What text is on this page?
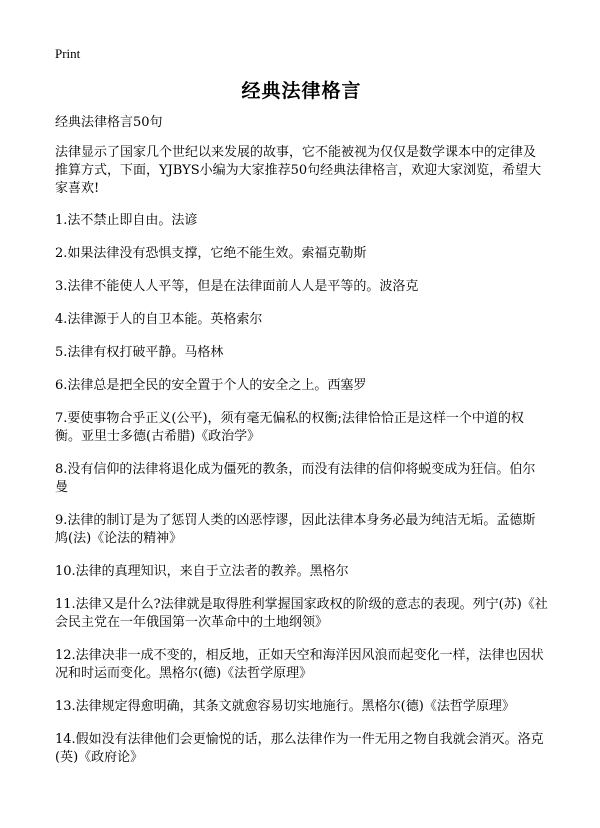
Print
经典法律格言

经典法律格言50句

法律显示了国家几个世纪以来发展的故事，它不能被视为仅仅是数学课本中的定律及推算方式，下面，YJBYS小编为大家推荐50句经典法律格言，欢迎大家浏览，希望大家喜欢!

1.法不禁止即自由。法谚

2.如果法律没有恐惧支撑，它绝不能生效。索福克勒斯

3.法律不能使人人平等，但是在法律面前人人是平等的。波洛克

4.法律源于人的自卫本能。英格索尔

5.法律有权打破平静。马格林

6.法律总是把全民的安全置于个人的安全之上。西塞罗

7.要使事物合乎正义(公平)，须有毫无偏私的权衡;法律恰恰正是这样一个中道的权衡。亚里士多德(古希腊)《政治学》

8.没有信仰的法律将退化成为僵死的教条，而没有法律的信仰将蜕变成为狂信。伯尔曼

9.法律的制订是为了惩罚人类的凶恶悖谬，因此法律本身务必最为纯洁无垢。孟德斯鸠(法)《论法的精神》

10.法律的真理知识，来自于立法者的教养。黑格尔

11.法律又是什么?法律就是取得胜利掌握国家政权的阶级的意志的表现。列宁(苏)《社会民主党在一年俄国第一次革命中的土地纲领》

12.法律决非一成不变的，相反地，正如天空和海洋因风浪而起变化一样，法律也因状况和时运而变化。黑格尔(德)《法哲学原理》

13.法律规定得愈明确，其条文就愈容易切实地施行。黑格尔(德)《法哲学原理》

14.假如没有法律他们会更愉悦的话，那么法律作为一件无用之物自我就会消灭。洛克(英)《政府论》
